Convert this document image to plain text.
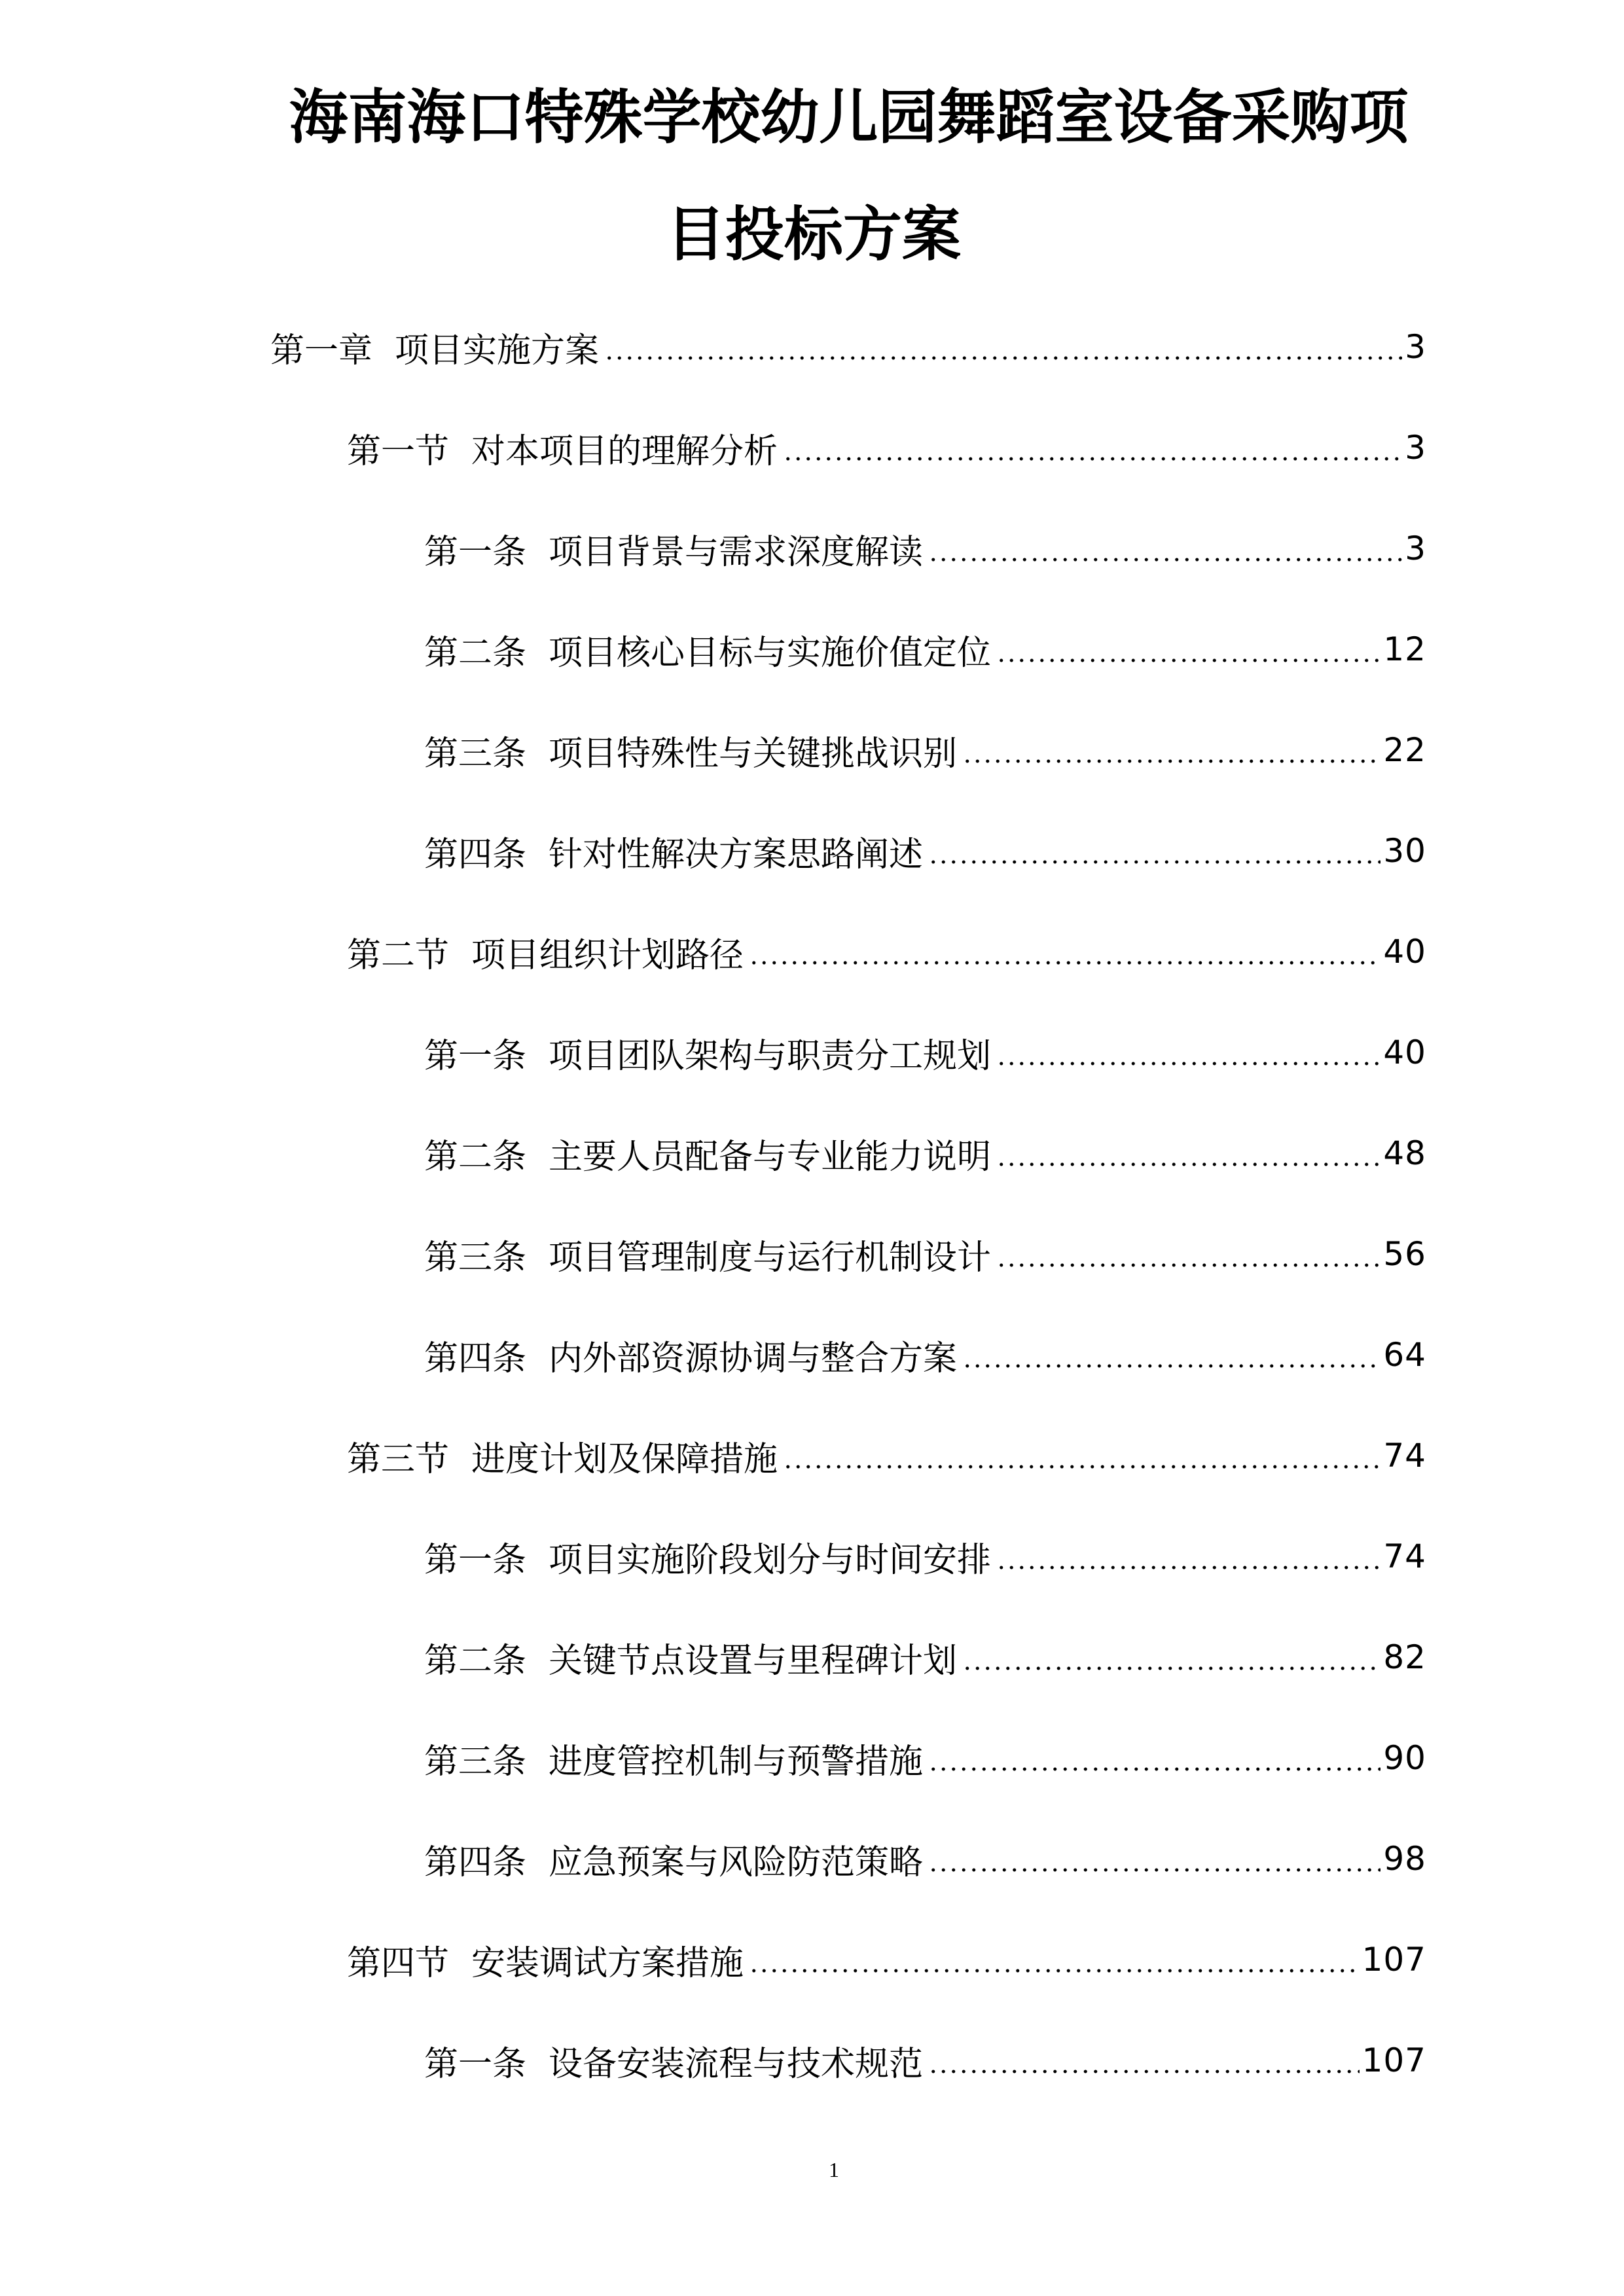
海南海口特殊学校幼儿园舞蹈室设备采购项
目投标方案
第一章 项目实施方案	3
第一节 对本项目的理解分析	3
第一条 项目背景与需求深度解读	3
第二条 项目核心目标与实施价值定位	12
第三条 项目特殊性与关键挑战识别	22
第四条 针对性解决方案思路阐述	30
第二节 项目组织计划路径	40
第一条 项目团队架构与职责分工规划	40
第二条 主要人员配备与专业能力说明	48
第三条 项目管理制度与运行机制设计	56
第四条 内外部资源协调与整合方案	64
第三节 进度计划及保障措施	74
第一条 项目实施阶段划分与时间安排	74
第二条 关键节点设置与里程碑计划	82
第三条 进度管控机制与预警措施	90
第四条 应急预案与风险防范策略	98
第四节 安装调试方案措施	107
第一条 设备安装流程与技术规范	107
1
